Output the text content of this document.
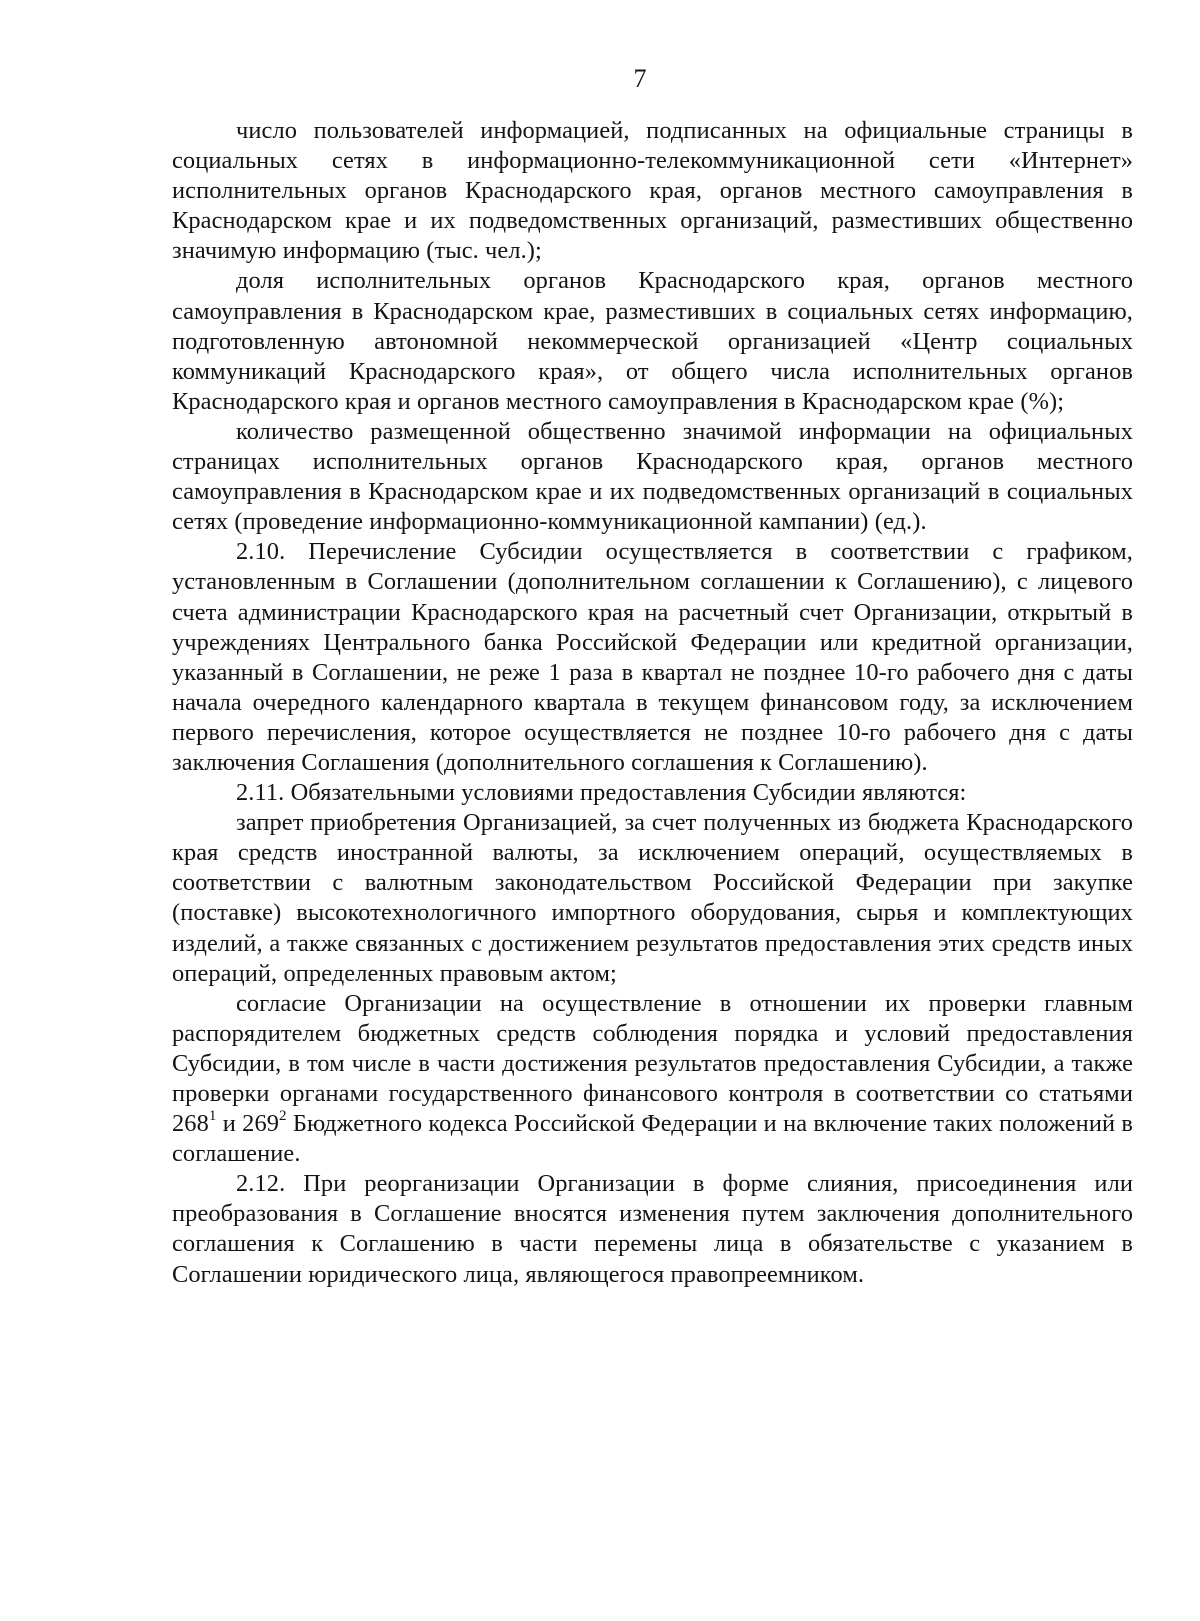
7

число пользователей информацией, подписанных на официальные страницы в социальных сетях в информационно-телекоммуникационной сети «Интернет» исполнительных органов Краснодарского края, органов местного самоуправления в Краснодарском крае и их подведомственных организаций, разместивших общественно значимую информацию (тыс. чел.);

доля исполнительных органов Краснодарского края, органов местного самоуправления в Краснодарском крае, разместивших в социальных сетях информацию, подготовленную автономной некоммерческой организацией «Центр социальных коммуникаций Краснодарского края», от общего числа исполнительных органов Краснодарского края и органов местного самоуправления в Краснодарском крае (%);

количество размещенной общественно значимой информации на официальных страницах исполнительных органов Краснодарского края, органов местного самоуправления в Краснодарском крае и их подведомственных организаций в социальных сетях (проведение информационно-коммуникационной кампании) (ед.).

2.10. Перечисление Субсидии осуществляется в соответствии с графиком, установленным в Соглашении (дополнительном соглашении к Соглашению), с лицевого счета администрации Краснодарского края на расчетный счет Организации, открытый в учреждениях Центрального банка Российской Федерации или кредитной организации, указанный в Соглашении, не реже 1 раза в квартал не позднее 10-го рабочего дня с даты начала очередного календарного квартала в текущем финансовом году, за исключением первого перечисления, которое осуществляется не позднее 10-го рабочего дня с даты заключения Соглашения (дополнительного соглашения к Соглашению).

2.11. Обязательными условиями предоставления Субсидии являются:

запрет приобретения Организацией, за счет полученных из бюджета Краснодарского края средств иностранной валюты, за исключением операций, осуществляемых в соответствии с валютным законодательством Российской Федерации при закупке (поставке) высокотехнологичного импортного оборудования, сырья и комплектующих изделий, а также связанных с достижением результатов предоставления этих средств иных операций, определенных правовым актом;

согласие Организации на осуществление в отношении их проверки главным распорядителем бюджетных средств соблюдения порядка и условий предоставления Субсидии, в том числе в части достижения результатов предоставления Субсидии, а также проверки органами государственного финансового контроля в соответствии со статьями $268^1$ и $269^2$ Бюджетного кодекса Российской Федерации и на включение таких положений в соглашение.

2.12. При реорганизации Организации в форме слияния, присоединения или преобразования в Соглашение вносятся изменения путем заключения дополнительного соглашения к Соглашению в части перемены лица в обязательстве с указанием в Соглашении юридического лица, являющегося правопреемником.
